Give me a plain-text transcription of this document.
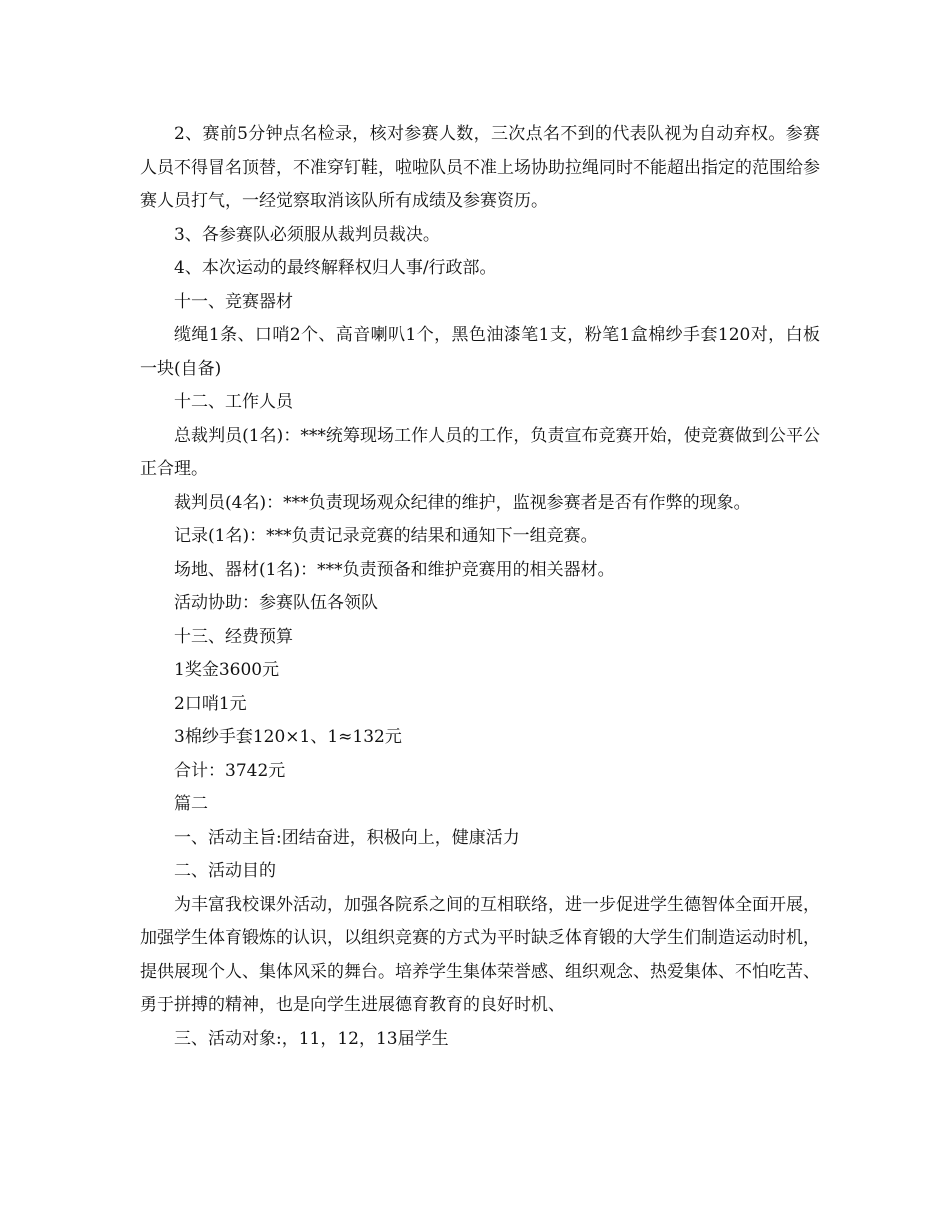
2、赛前5分钟点名检录，核对参赛人数，三次点名不到的代表队视为自动弃权。参赛人员不得冒名顶替，不准穿钉鞋，啦啦队员不准上场协助拉绳同时不能超出指定的范围给参赛人员打气，一经觉察取消该队所有成绩及参赛资历。

3、各参赛队必须服从裁判员裁决。

4、本次运动的最终解释权归人事/行政部。

十一、竞赛器材

缆绳1条、口哨2个、高音喇叭1个，黑色油漆笔1支，粉笔1盒棉纱手套120对，白板一块(自备)

十二、工作人员

总裁判员(1名)：***统筹现场工作人员的工作，负责宣布竞赛开始，使竞赛做到公平公正合理。

裁判员(4名)：***负责现场观众纪律的维护，监视参赛者是否有作弊的现象。

记录(1名)：***负责记录竞赛的结果和通知下一组竞赛。

场地、器材(1名)：***负责预备和维护竞赛用的相关器材。

活动协助：参赛队伍各领队

十三、经费预算

1奖金3600元

2口哨1元

3棉纱手套120×1、1≈132元

合计：3742元

篇二

一、活动主旨:团结奋进，积极向上，健康活力

二、活动目的

为丰富我校课外活动，加强各院系之间的互相联络，进一步促进学生德智体全面开展，加强学生体育锻炼的认识，以组织竞赛的方式为平时缺乏体育锻的大学生们制造运动时机，提供展现个人、集体风采的舞台。培养学生集体荣誉感、组织观念、热爱集体、不怕吃苦、勇于拼搏的精神，也是向学生进展德育教育的良好时机、

三、活动对象:，11，12，13届学生
